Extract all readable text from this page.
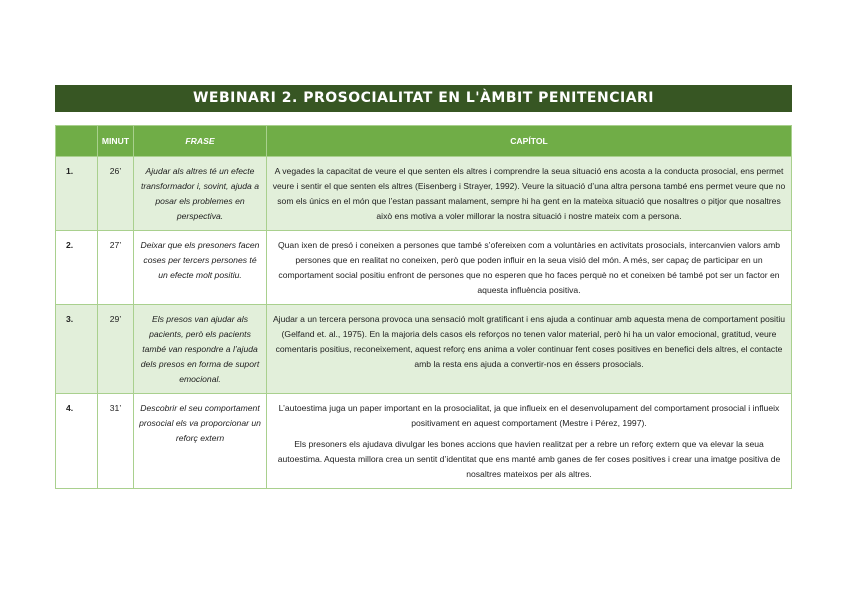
WEBINARI 2. PROSOCIALITAT EN L'ÀMBIT PENITENCIARI
	MINUT	FRASE	CAPÍTOL
1.	26’	Ajudar als altres té un efecte transformador i, sovint, ajuda a posar els problemes en perspectiva.	A vegades la capacitat de veure el que senten els altres i comprendre la seua situació ens acosta a la conducta prosocial, ens permet veure i sentir el que senten els altres (Eisenberg i Strayer, 1992). Veure la situació d’una altra persona també ens permet veure que no som els únics en el món que l’estan passant malament, sempre hi ha gent en la mateixa situació que nosaltres o pitjor que nosaltres això ens motiva a voler millorar la nostra situació i nostre mateix com a persona.

2.	27’	Deixar que els presoners facen coses per tercers persones té un efecte molt positiu.	Quan ixen de presó i coneixen a persones que també s’ofereixen com a voluntàries en activitats prosocials, intercanvien valors amb persones que en realitat no coneixen, però que poden influir en la seua visió del món. A més, ser capaç de participar en un comportament social positiu enfront de persones que no esperen que ho faces perquè no et coneixen bé també pot ser un factor en aquesta influència positiva.

3.	29’	Els presos van ajudar als pacients, però els pacients també van respondre a l’ajuda dels presos en forma de suport emocional.	Ajudar a un tercera persona provoca una sensació molt gratificant i ens ajuda a continuar amb aquesta mena de comportament positiu (Gelfand et. al., 1975). En la majoria dels casos els reforços no tenen valor material, però hi ha un valor emocional, gratitud, veure comentaris positius, reconeixement, aquest reforç ens anima a voler continuar fent coses positives en benefici dels altres, el contacte amb la resta ens ajuda a convertir-nos en éssers prosocials.

4.	31’	Descobrir el seu comportament prosocial els va proporcionar un reforç extern	L’autoestima juga un paper important en la prosocialitat, ja que influeix en el desenvolupament del comportament prosocial i influeix positivament en aquest comportament (Mestre i Pérez, 1997).

Els presoners els ajudava divulgar les bones accions que havien realitzat per a rebre un reforç extern que va elevar la seua autoestima. Aquesta millora crea un sentit d’identitat que ens manté amb ganes de fer coses positives i crear una imatge positiva de nosaltres mateixos per als altres.
